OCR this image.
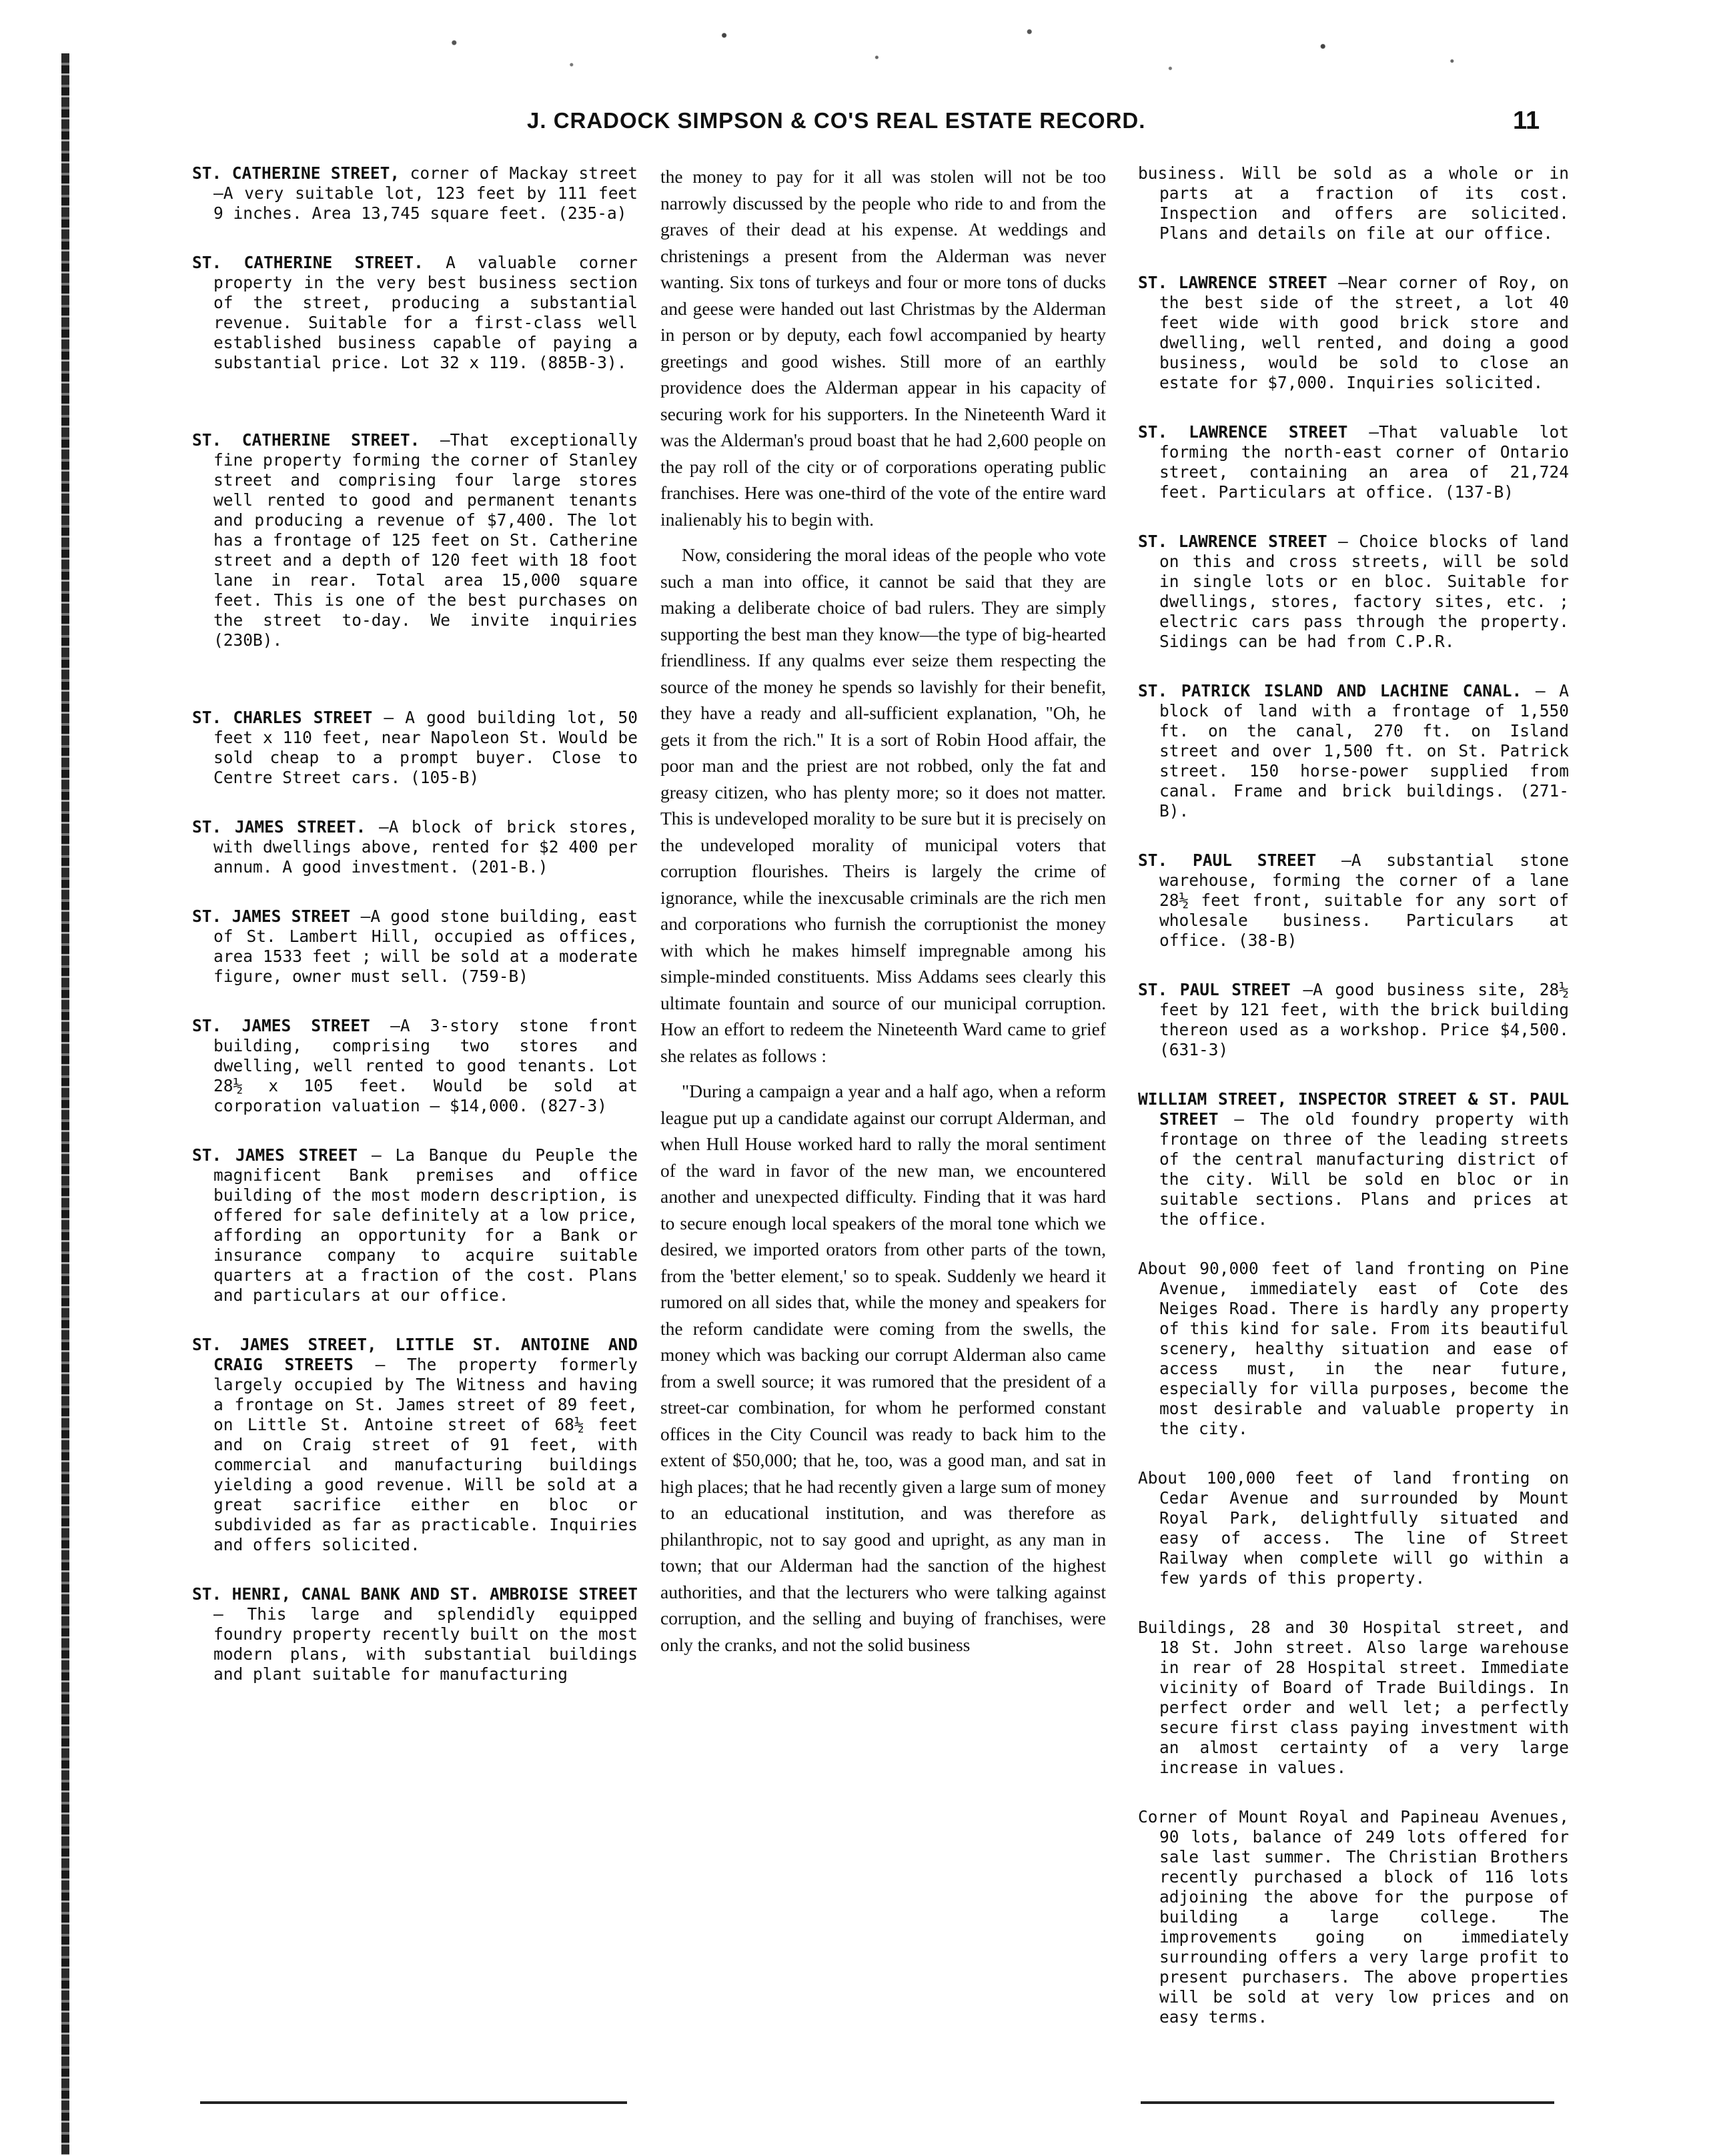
J. CRADOCK SIMPSON & CO'S REAL ESTATE RECORD.	11
ST. CATHERINE STREET, corner of Mackay street—A very suitable lot, 123 feet by 111 feet 9 inches. Area 13,745 square feet. (235-a)
ST. CATHERINE STREET. A valuable corner property in the very best business section of the street, producing a substantial revenue. Suitable for a first-class well established business capable of paying a substantial price. Lot 32 x 119. (885B-3).
ST. CATHERINE STREET. —That exceptionally fine property forming the corner of Stanley street and comprising four large stores well rented to good and permanent tenants and producing a revenue of $7,400. The lot has a frontage of 125 feet on St. Catherine street and a depth of 120 feet with 18 foot lane in rear. Total area 15,000 square feet. This is one of the best purchases on the street to-day. We invite inquiries (230B).
ST. CHARLES STREET — A good building lot, 50 feet x 110 feet, near Napoleon St. Would be sold cheap to a prompt buyer. Close to Centre Street cars. (105-B)
ST. JAMES STREET. —A block of brick stores, with dwellings above, rented for $2 400 per annum. A good investment. (201-B.)
ST. JAMES STREET —A good stone building, east of St. Lambert Hill, occupied as offices, area 1533 feet ; will be sold at a moderate figure, owner must sell. (759-B)
ST. JAMES STREET —A 3-story stone front building, comprising two stores and dwelling, well rented to good tenants. Lot 28½ x 105 feet. Would be sold at corporation valuation — $14,000. (827-3)
ST. JAMES STREET — La Banque du Peuple the magnificent Bank premises and office building of the most modern description, is offered for sale definitely at a low price, affording an opportunity for a Bank or insurance company to acquire suitable quarters at a fraction of the cost. Plans and particulars at our office.
ST. JAMES STREET, LITTLE ST. ANTOINE AND CRAIG STREETS — The property formerly largely occupied by The Witness and having a frontage on St. James street of 89 feet, on Little St. Antoine street of 68½ feet and on Craig street of 91 feet, with commercial and manufacturing buildings yielding a good revenue. Will be sold at a great sacrifice either en bloc or subdivided as far as practicable. Inquiries and offers solicited.
ST. HENRI, CANAL BANK AND ST. AMBROISE STREET — This large and splendidly equipped foundry property recently built on the most modern plans, with substantial buildings and plant suitable for manufacturing

the money to pay for it all was stolen will not be too narrowly discussed by the people who ride to and from the graves of their dead at his expense. At weddings and christenings a present from the Alderman was never wanting. Six tons of turkeys and four or more tons of ducks and geese were handed out last Christmas by the Alderman in person or by deputy, each fowl accompanied by hearty greetings and good wishes. Still more of an earthly providence does the Alderman appear in his capacity of securing work for his supporters. In the Nineteenth Ward it was the Alderman's proud boast that he had 2,600 people on the pay roll of the city or of corporations operating public franchises. Here was one-third of the vote of the entire ward inalienably his to begin with.

Now, considering the moral ideas of the people who vote such a man into office, it cannot be said that they are making a deliberate choice of bad rulers. They are simply supporting the best man they know—the type of big-hearted friendliness. If any qualms ever seize them respecting the source of the money he spends so lavishly for their benefit, they have a ready and all-sufficient explanation, "Oh, he gets it from the rich." It is a sort of Robin Hood affair, the poor man and the priest are not robbed, only the fat and greasy citizen, who has plenty more; so it does not matter. This is undeveloped morality to be sure but it is precisely on the undeveloped morality of municipal voters that corruption flourishes. Theirs is largely the crime of ignorance, while the inexcusable criminals are the rich men and corporations who furnish the corruptionist the money with which he makes himself impregnable among his simple-minded constituents. Miss Addams sees clearly this ultimate fountain and source of our municipal corruption. How an effort to redeem the Nineteenth Ward came to grief she relates as follows :

"During a campaign a year and a half ago, when a reform league put up a candidate against our corrupt Alderman, and when Hull House worked hard to rally the moral sentiment of the ward in favor of the new man, we encountered another and unexpected difficulty. Finding that it was hard to secure enough local speakers of the moral tone which we desired, we imported orators from other parts of the town, from the 'better element,' so to speak. Suddenly we heard it rumored on all sides that, while the money and speakers for the reform candidate were coming from the swells, the money which was backing our corrupt Alderman also came from a swell source; it was rumored that the president of a street-car combination, for whom he performed constant offices in the City Council was ready to back him to the extent of $50,000; that he, too, was a good man, and sat in high places; that he had recently given a large sum of money to an educational institution, and was therefore as philanthropic, not to say good and upright, as any man in town; that our Alderman had the sanction of the highest authorities, and that the lecturers who were talking against corruption, and the selling and buying of franchises, were only the cranks, and not the solid business

business. Will be sold as a whole or in parts at a fraction of its cost. Inspection and offers are solicited. Plans and details on file at our office.
ST. LAWRENCE STREET —Near corner of Roy, on the best side of the street, a lot 40 feet wide with good brick store and dwelling, well rented, and doing a good business, would be sold to close an estate for $7,000. Inquiries solicited.
ST. LAWRENCE STREET —That valuable lot forming the north-east corner of Ontario street, containing an area of 21,724 feet. Particulars at office. (137-B)
ST. LAWRENCE STREET — Choice blocks of land on this and cross streets, will be sold in single lots or en bloc. Suitable for dwellings, stores, factory sites, etc. ; electric cars pass through the property. Sidings can be had from C.P.R.
ST. PATRICK ISLAND AND LACHINE CANAL. — A block of land with a frontage of 1,550 ft. on the canal, 270 ft. on Island street and over 1,500 ft. on St. Patrick street. 150 horse-power supplied from canal. Frame and brick buildings. (271-B).
ST. PAUL STREET —A substantial stone warehouse, forming the corner of a lane 28½ feet front, suitable for any sort of wholesale business. Particulars at office. (38-B)
ST. PAUL STREET —A good business site, 28½ feet by 121 feet, with the brick building thereon used as a workshop. Price $4,500. (631-3)
WILLIAM STREET, INSPECTOR STREET & ST. PAUL STREET — The old foundry property with frontage on three of the leading streets of the central manufacturing district of the city. Will be sold en bloc or in suitable sections. Plans and prices at the office.
About 90,000 feet of land fronting on Pine Avenue, immediately east of Cote des Neiges Road. There is hardly any property of this kind for sale. From its beautiful scenery, healthy situation and ease of access must, in the near future, especially for villa purposes, become the most desirable and valuable property in the city.
About 100,000 feet of land fronting on Cedar Avenue and surrounded by Mount Royal Park, delightfully situated and easy of access. The line of Street Railway when complete will go within a few yards of this property.
Buildings, 28 and 30 Hospital street, and 18 St. John street. Also large warehouse in rear of 28 Hospital street. Immediate vicinity of Board of Trade Buildings. In perfect order and well let; a perfectly secure first class paying investment with an almost certainty of a very large increase in values.
Corner of Mount Royal and Papineau Avenues, 90 lots, balance of 249 lots offered for sale last summer. The Christian Brothers recently purchased a block of 116 lots adjoining the above for the purpose of building a large college. The improvements going on immediately surrounding offers a very large profit to present purchasers. The above properties will be sold at very low prices and on easy terms.
